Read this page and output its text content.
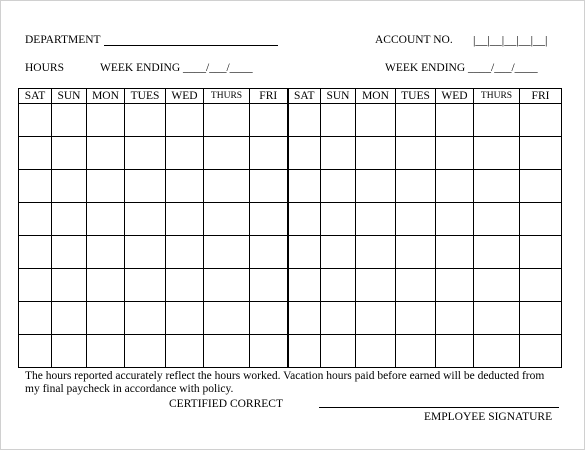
DEPARTMENT	ACCOUNT NO. |__|__|__|__|__|
HOURS	WEEK ENDING ____/___/____	WEEK ENDING ____/___/____
SAT	SUN	MON	TUES	WED	THURS	FRI	SAT	SUN	MON	TUES	WED	THURS	FRI

The hours reported accurately reflect the hours worked. Vacation hours paid before earned will be deducted from
my final paycheck in accordance with policy.
CERTIFIED CORRECT
EMPLOYEE SIGNATURE
